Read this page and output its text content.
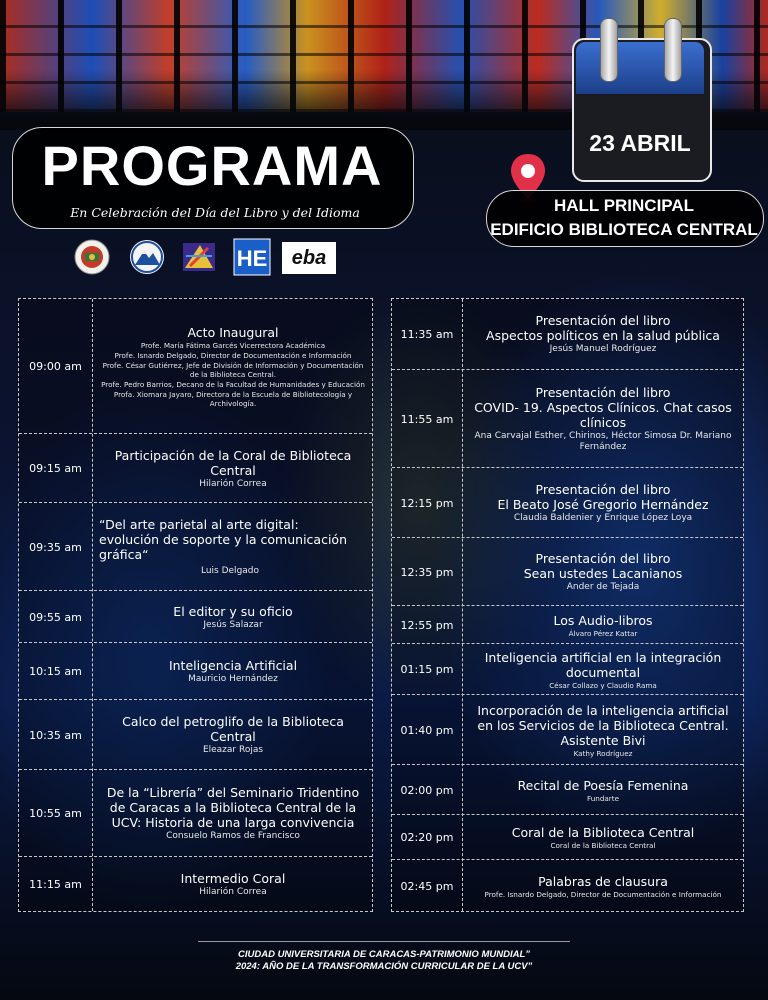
PROGRAMA
En Celebración del Día del Libro y del Idioma
23 ABRIL
HALL PRINCIPAL
EDIFICIO BIBLIOTECA CENTRAL
HE eba
09:00 am
Acto Inaugural
Profe. María Fátima Garcés Vicerrectora Académica
Profe. Isnardo Delgado, Director de Documentación e Información
Profe. César Gutiérrez, Jefe de División de Información y Documentación de la Biblioteca Central.
Profe. Pedro Barrios, Decano de la Facultad de Humanidades y Educación
Profa. Xiomara Jayaro, Directora de la Escuela de Bibliotecología y Archivología.
09:15 am
Participación de la Coral de Biblioteca Central
Hilarión Correa
09:35 am
“Del arte parietal al arte digital: evolución de soporte y la comunicación gráfica“
Luis Delgado
09:55 am	El editor y su oficio
Jesús Salazar
10:15 am	Inteligencia Artificial
Mauricio Hernández
10:35 am
Calco del petroglifo de la Biblioteca Central
Eleazar Rojas
10:55 am
De la “Librería” del Seminario Tridentino de Caracas a la Biblioteca Central de la UCV: Historia de una larga convivencia
Consuelo Ramos de Francisco
11:15 am	Intermedio Coral
Hilarión Correa
11:35 am
Presentación del libro
Aspectos políticos en la salud pública
Jesús Manuel Rodríguez
11:55 am
Presentación del libro
COVID- 19. Aspectos Clínicos. Chat casos clínicos
Ana Carvajal Esther, Chirinos, Héctor Simosa Dr. Mariano Fernández
12:15 pm
Presentación del libro
El Beato José Gregorio Hernández
Claudia Baldenier y Enrique López Loya
12:35 pm
Presentación del libro
Sean ustedes Lacanianos
Ander de Tejada
12:55 pm	Los Audio-libros
Álvaro Pérez Kattar
01:15 pm
Inteligencia artificial en la integración documental
César Collazo y Claudio Rama
01:40 pm
Incorporación de la inteligencia artificial en los Servicios de la Biblioteca Central. Asistente Bivi
Kathy Rodríguez
02:00 pm	Recital de Poesía Femenina
Fundarte
02:20 pm	Coral de la Biblioteca Central
Coral de la Biblioteca Central
02:45 pm	Palabras de clausura
Profe. Isnardo Delgado, Director de Documentación e Información
CIUDAD UNIVERSITARIA DE CARACAS-PATRIMONIO MUNDIAL”
2024: AÑO DE LA TRANSFORMACIÓN CURRICULAR DE LA UCV”
